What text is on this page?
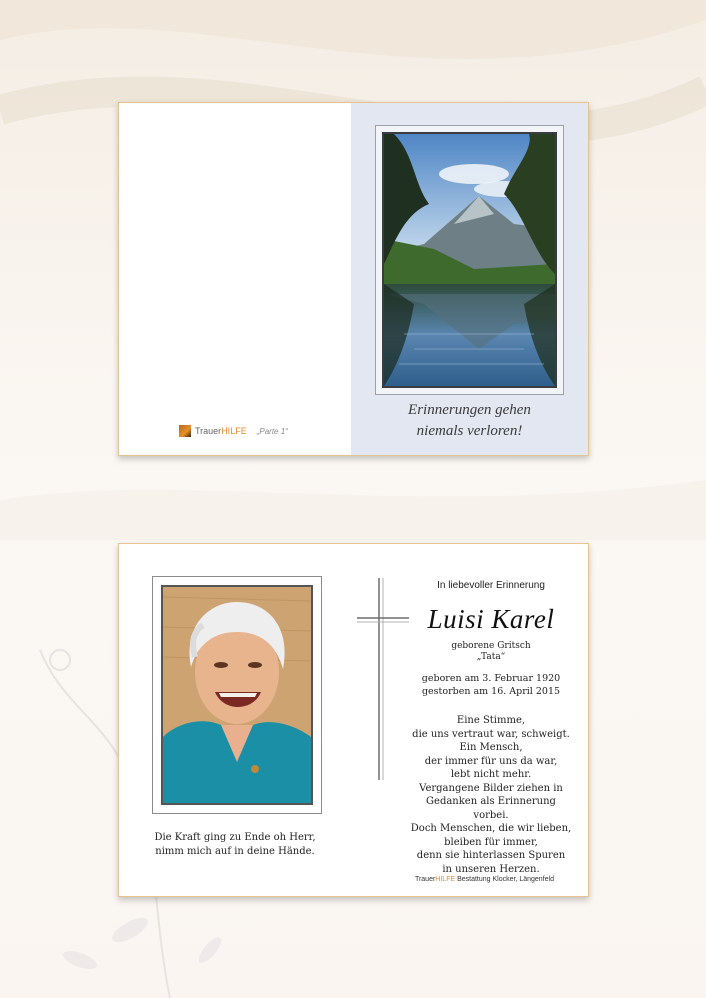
TrauerHILFE „Parte 1“
Erinnerungen gehen
niemals verloren!
Die Kraft ging zu Ende oh Herr,
nimm mich auf in deine Hände.
In liebevoller Erinnerung
Luisi Karel
geborene Gritsch
„Tata“
geboren am 3. Februar 1920
gestorben am 16. April 2015
Eine Stimme,
die uns vertraut war, schweigt.
Ein Mensch,
der immer für uns da war,
lebt nicht mehr.
Vergangene Bilder ziehen in
Gedanken als Erinnerung vorbei.
Doch Menschen, die wir lieben,
bleiben für immer,
denn sie hinterlassen Spuren
in unseren Herzen.
TrauerHILFE Bestattung Klocker, Längenfeld
